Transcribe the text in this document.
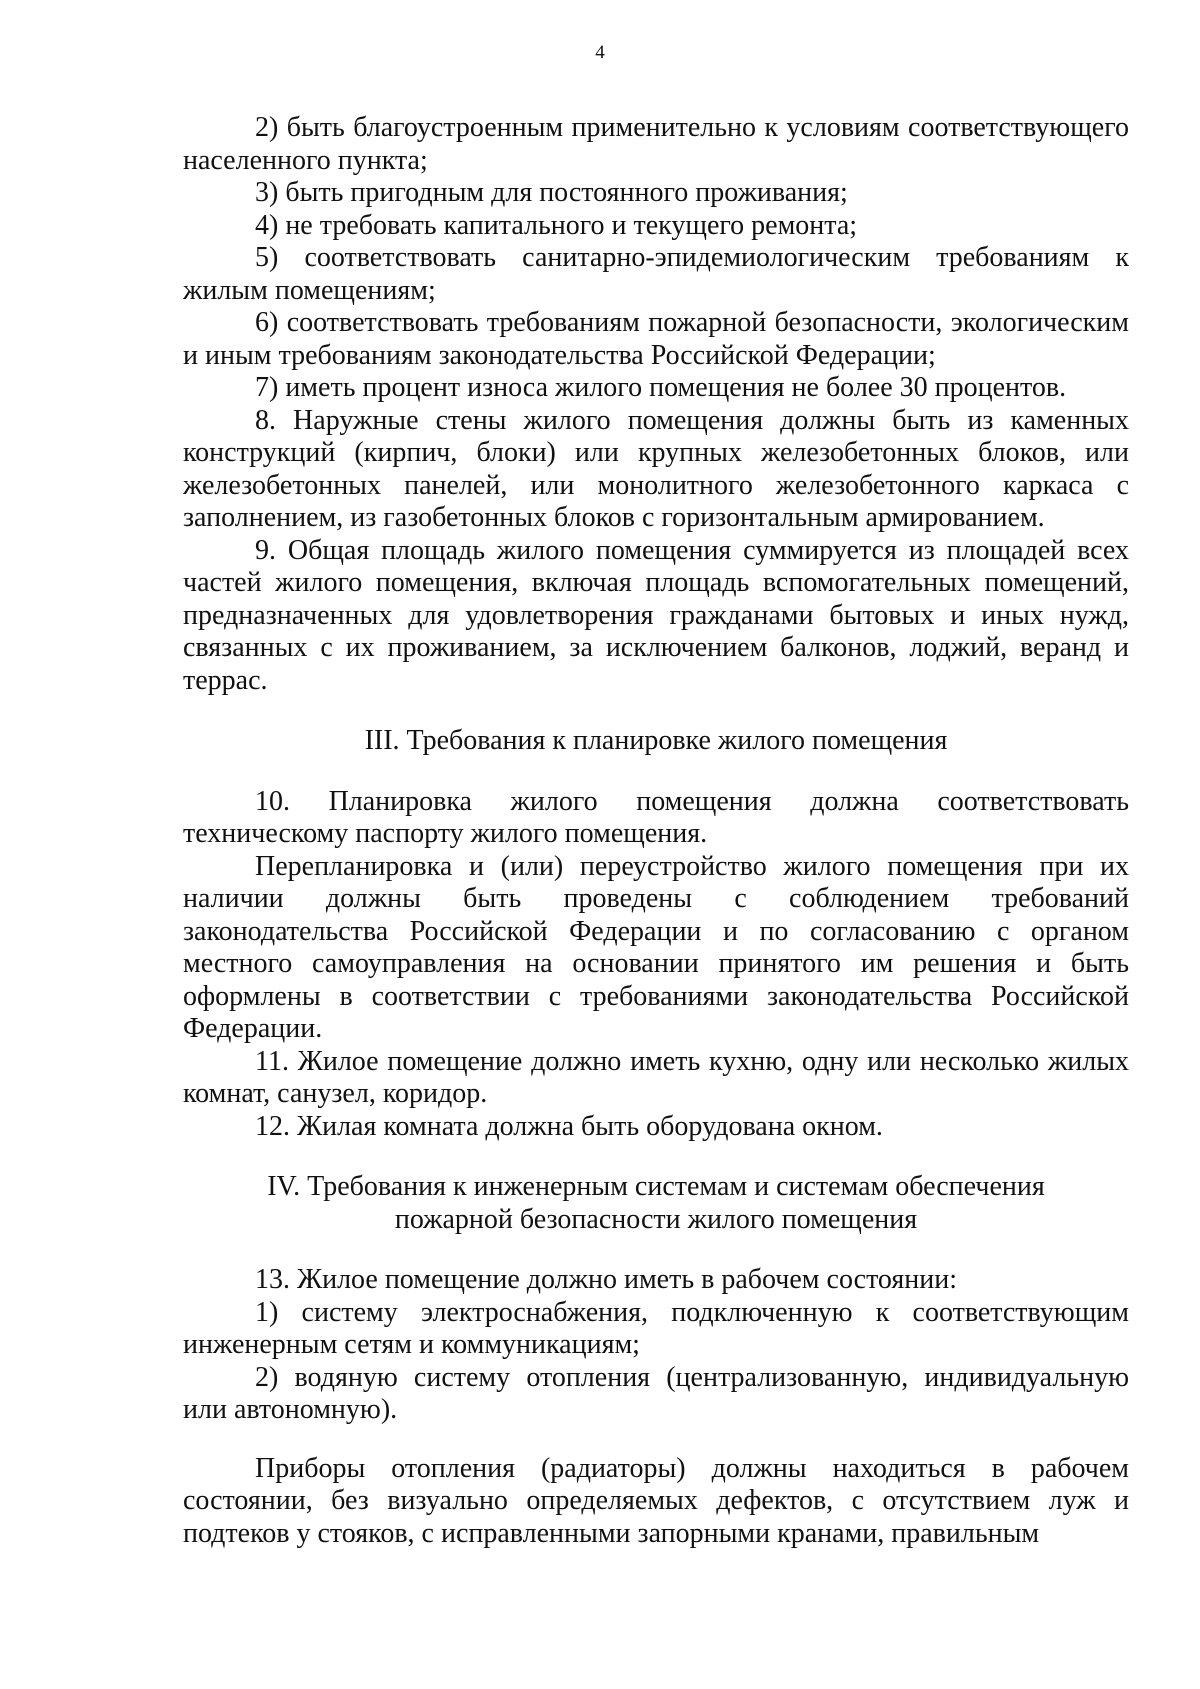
4

2) быть благоустроенным применительно к условиям соответствующего населенного пункта;

3) быть пригодным для постоянного проживания;

4) не требовать капитального и текущего ремонта;

5) соответствовать санитарно-эпидемиологическим требованиям к жилым помещениям;

6) соответствовать требованиям пожарной безопасности, экологическим и иным требованиям законодательства Российской Федерации;

7) иметь процент износа жилого помещения не более 30 процентов.

8. Наружные стены жилого помещения должны быть из каменных конструкций (кирпич, блоки) или крупных железобетонных блоков, или железобетонных панелей, или монолитного железобетонного каркаса с заполнением, из газобетонных блоков с горизонтальным армированием.

9. Общая площадь жилого помещения суммируется из площадей всех частей жилого помещения, включая площадь вспомогательных помещений, предназначенных для удовлетворения гражданами бытовых и иных нужд, связанных с их проживанием, за исключением балконов, лоджий, веранд и террас.

III. Требования к планировке жилого помещения

10. Планировка жилого помещения должна соответствовать техническому паспорту жилого помещения.

Перепланировка и (или) переустройство жилого помещения при их наличии должны быть проведены с соблюдением требований законодательства Российской Федерации и по согласованию с органом местного самоуправления на основании принятого им решения и быть оформлены в соответствии с требованиями законодательства Российской Федерации.

11. Жилое помещение должно иметь кухню, одну или несколько жилых комнат, санузел, коридор.

12. Жилая комната должна быть оборудована окном.

IV. Требования к инженерным системам и системам обеспечения

пожарной безопасности жилого помещения

13. Жилое помещение должно иметь в рабочем состоянии:

1) систему электроснабжения, подключенную к соответствующим инженерным сетям и коммуникациям;

2) водяную систему отопления (централизованную, индивидуальную или автономную).

Приборы отопления (радиаторы) должны находиться в рабочем состоянии, без визуально определяемых дефектов, с отсутствием луж и подтеков у стояков, с исправленными запорными кранами, правильным
